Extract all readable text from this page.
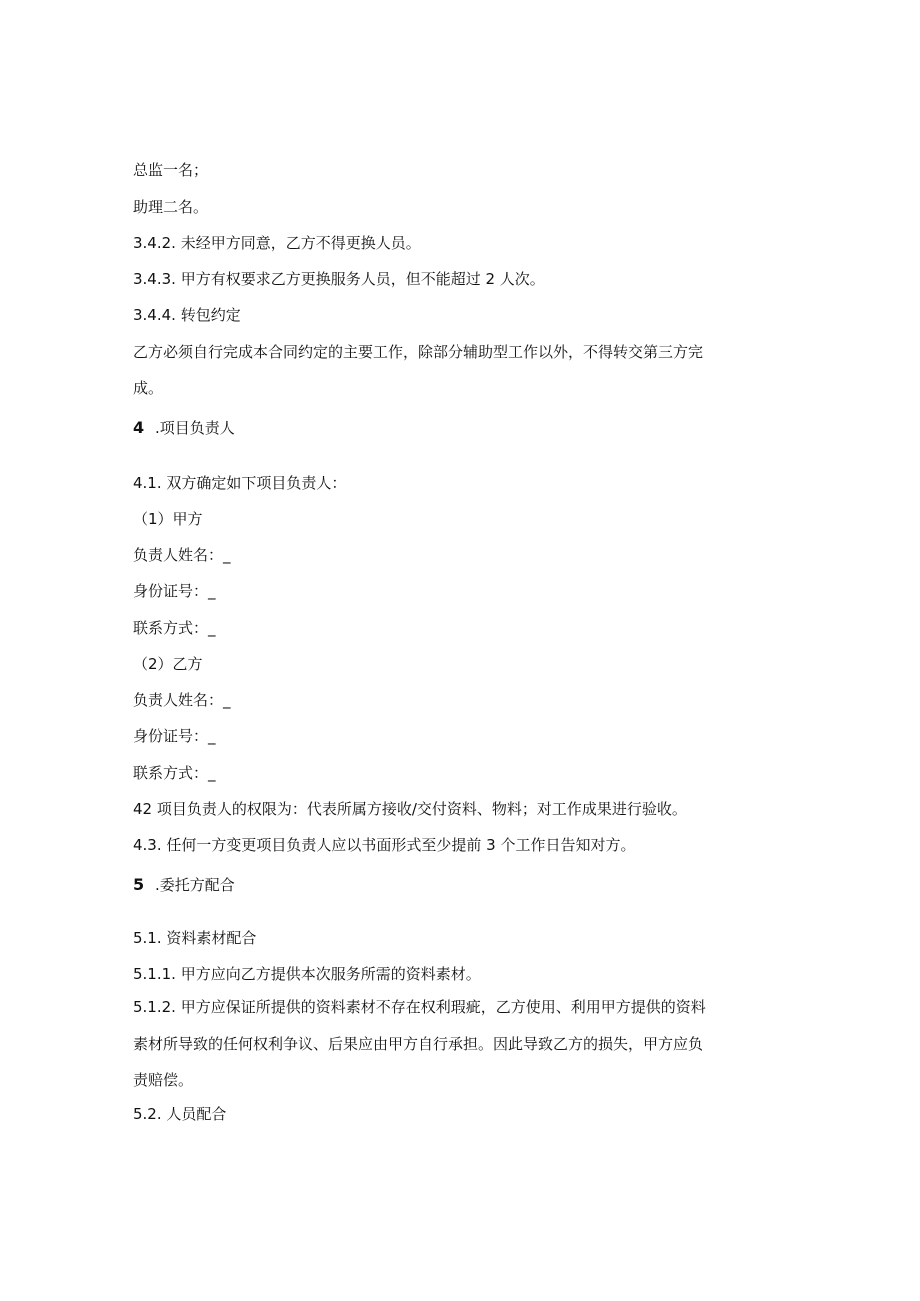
总监一名；
助理二名。
3.4.2. 未经甲方同意，乙方不得更换人员。
3.4.3. 甲方有权要求乙方更换服务人员，但不能超过 2 人次。
3.4.4. 转包约定
乙方必须自行完成本合同约定的主要工作，除部分辅助型工作以外，不得转交第三方完
成。
4 .项目负责人
4.1. 双方确定如下项目负责人：
（1）甲方
负责人姓名：_
身份证号：_
联系方式：_
（2）乙方
负责人姓名：_
身份证号：_
联系方式：_
42 项目负责人的权限为：代表所属方接收/交付资料、物料；对工作成果进行验收。
4.3. 任何一方变更项目负责人应以书面形式至少提前 3 个工作日告知对方。
5 .委托方配合
5.1. 资料素材配合
5.1.1. 甲方应向乙方提供本次服务所需的资料素材。
5.1.2. 甲方应保证所提供的资料素材不存在权利瑕疵，乙方使用、利用甲方提供的资料
素材所导致的任何权利争议、后果应由甲方自行承担。因此导致乙方的损失，甲方应负
责赔偿。
5.2. 人员配合
